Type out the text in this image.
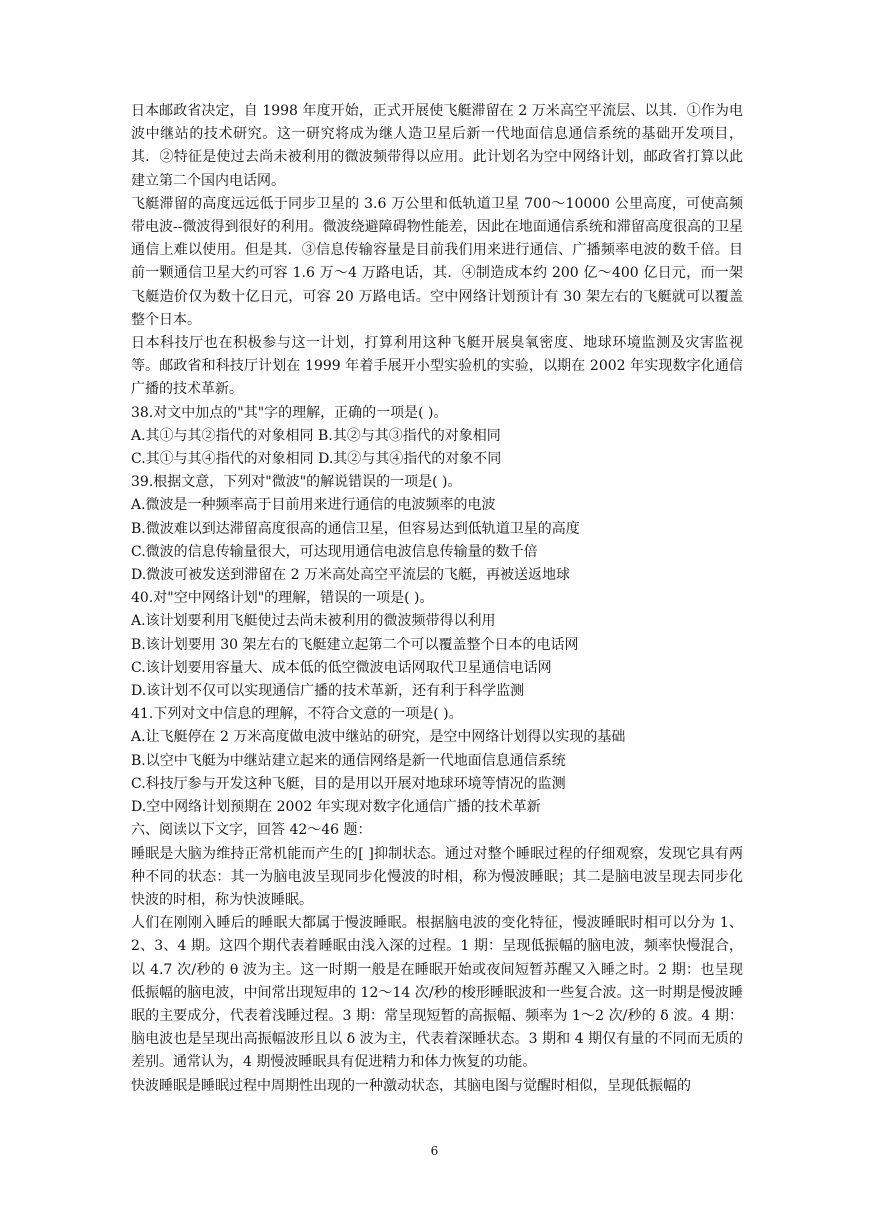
日本邮政省决定，自 1998 年度开始，正式开展使飞艇滞留在 2 万米高空平流层、以其．①作为电波中继站的技术研究。这一研究将成为继人造卫星后新一代地面信息通信系统的基础开发项目，其．②特征是使过去尚未被利用的微波频带得以应用。此计划名为空中网络计划，邮政省打算以此建立第二个国内电话网。

飞艇滞留的高度远远低于同步卫星的 3.6 万公里和低轨道卫星 700～10000 公里高度，可使高频带电波--微波得到很好的利用。微波绕避障碍物性能差，因此在地面通信系统和滞留高度很高的卫星通信上难以使用。但是其．③信息传输容量是目前我们用来进行通信、广播频率电波的数千倍。目前一颗通信卫星大约可容 1.6 万～4 万路电话，其．④制造成本约 200 亿～400 亿日元，而一架飞艇造价仅为数十亿日元，可容 20 万路电话。空中网络计划预计有 30 架左右的飞艇就可以覆盖整个日本。

日本科技厅也在积极参与这一计划，打算利用这种飞艇开展臭氧密度、地球环境监测及灾害监视等。邮政省和科技厅计划在 1999 年着手展开小型实验机的实验，以期在 2002 年实现数字化通信广播的技术革新。

38.对文中加点的"其"字的理解，正确的一项是( )。

A.其①与其②指代的对象相同 B.其②与其③指代的对象相同

C.其①与其④指代的对象相同 D.其②与其④指代的对象不同

39.根据文意，下列对"微波"的解说错误的一项是( )。

A.微波是一种频率高于目前用来进行通信的电波频率的电波

B.微波难以到达滞留高度很高的通信卫星，但容易达到低轨道卫星的高度

C.微波的信息传输量很大，可达现用通信电波信息传输量的数千倍

D.微波可被发送到滞留在 2 万米高处高空平流层的飞艇，再被送返地球

40.对"空中网络计划"的理解，错误的一项是( )。

A.该计划要利用飞艇使过去尚未被利用的微波频带得以利用

B.该计划要用 30 架左右的飞艇建立起第二个可以覆盖整个日本的电话网

C.该计划要用容量大、成本低的低空微波电话网取代卫星通信电话网

D.该计划不仅可以实现通信广播的技术革新，还有利于科学监测

41.下列对文中信息的理解，不符合文意的一项是( )。

A.让飞艇停在 2 万米高度做电波中继站的研究，是空中网络计划得以实现的基础

B.以空中飞艇为中继站建立起来的通信网络是新一代地面信息通信系统

C.科技厅参与开发这种飞艇，目的是用以开展对地球环境等情况的监测

D.空中网络计划预期在 2002 年实现对数字化通信广播的技术革新

六、阅读以下文字，回答 42～46 题：

睡眠是大脑为维持正常机能而产生的[ ]抑制状态。通过对整个睡眠过程的仔细观察，发现它具有两种不同的状态：其一为脑电波呈现同步化慢波的时相，称为慢波睡眠；其二是脑电波呈现去同步化快波的时相，称为快波睡眠。

人们在刚刚入睡后的睡眠大都属于慢波睡眠。根据脑电波的变化特征，慢波睡眠时相可以分为 1、2、3、4 期。这四个期代表着睡眠由浅入深的过程。1 期：呈现低振幅的脑电波，频率快慢混合，以 4.7 次/秒的 θ 波为主。这一时期一般是在睡眠开始或夜间短暂苏醒又入睡之时。2 期：也呈现低振幅的脑电波，中间常出现短串的 12～14 次/秒的梭形睡眠波和一些复合波。这一时期是慢波睡眠的主要成分，代表着浅睡过程。3 期：常呈现短暂的高振幅、频率为 1～2 次/秒的 δ 波。4 期：脑电波也是呈现出高振幅波形且以 δ 波为主，代表着深睡状态。3 期和 4 期仅有量的不同而无质的差别。通常认为，4 期慢波睡眠具有促进精力和体力恢复的功能。

快波睡眠是睡眠过程中周期性出现的一种激动状态，其脑电图与觉醒时相似，呈现低振幅的

6
